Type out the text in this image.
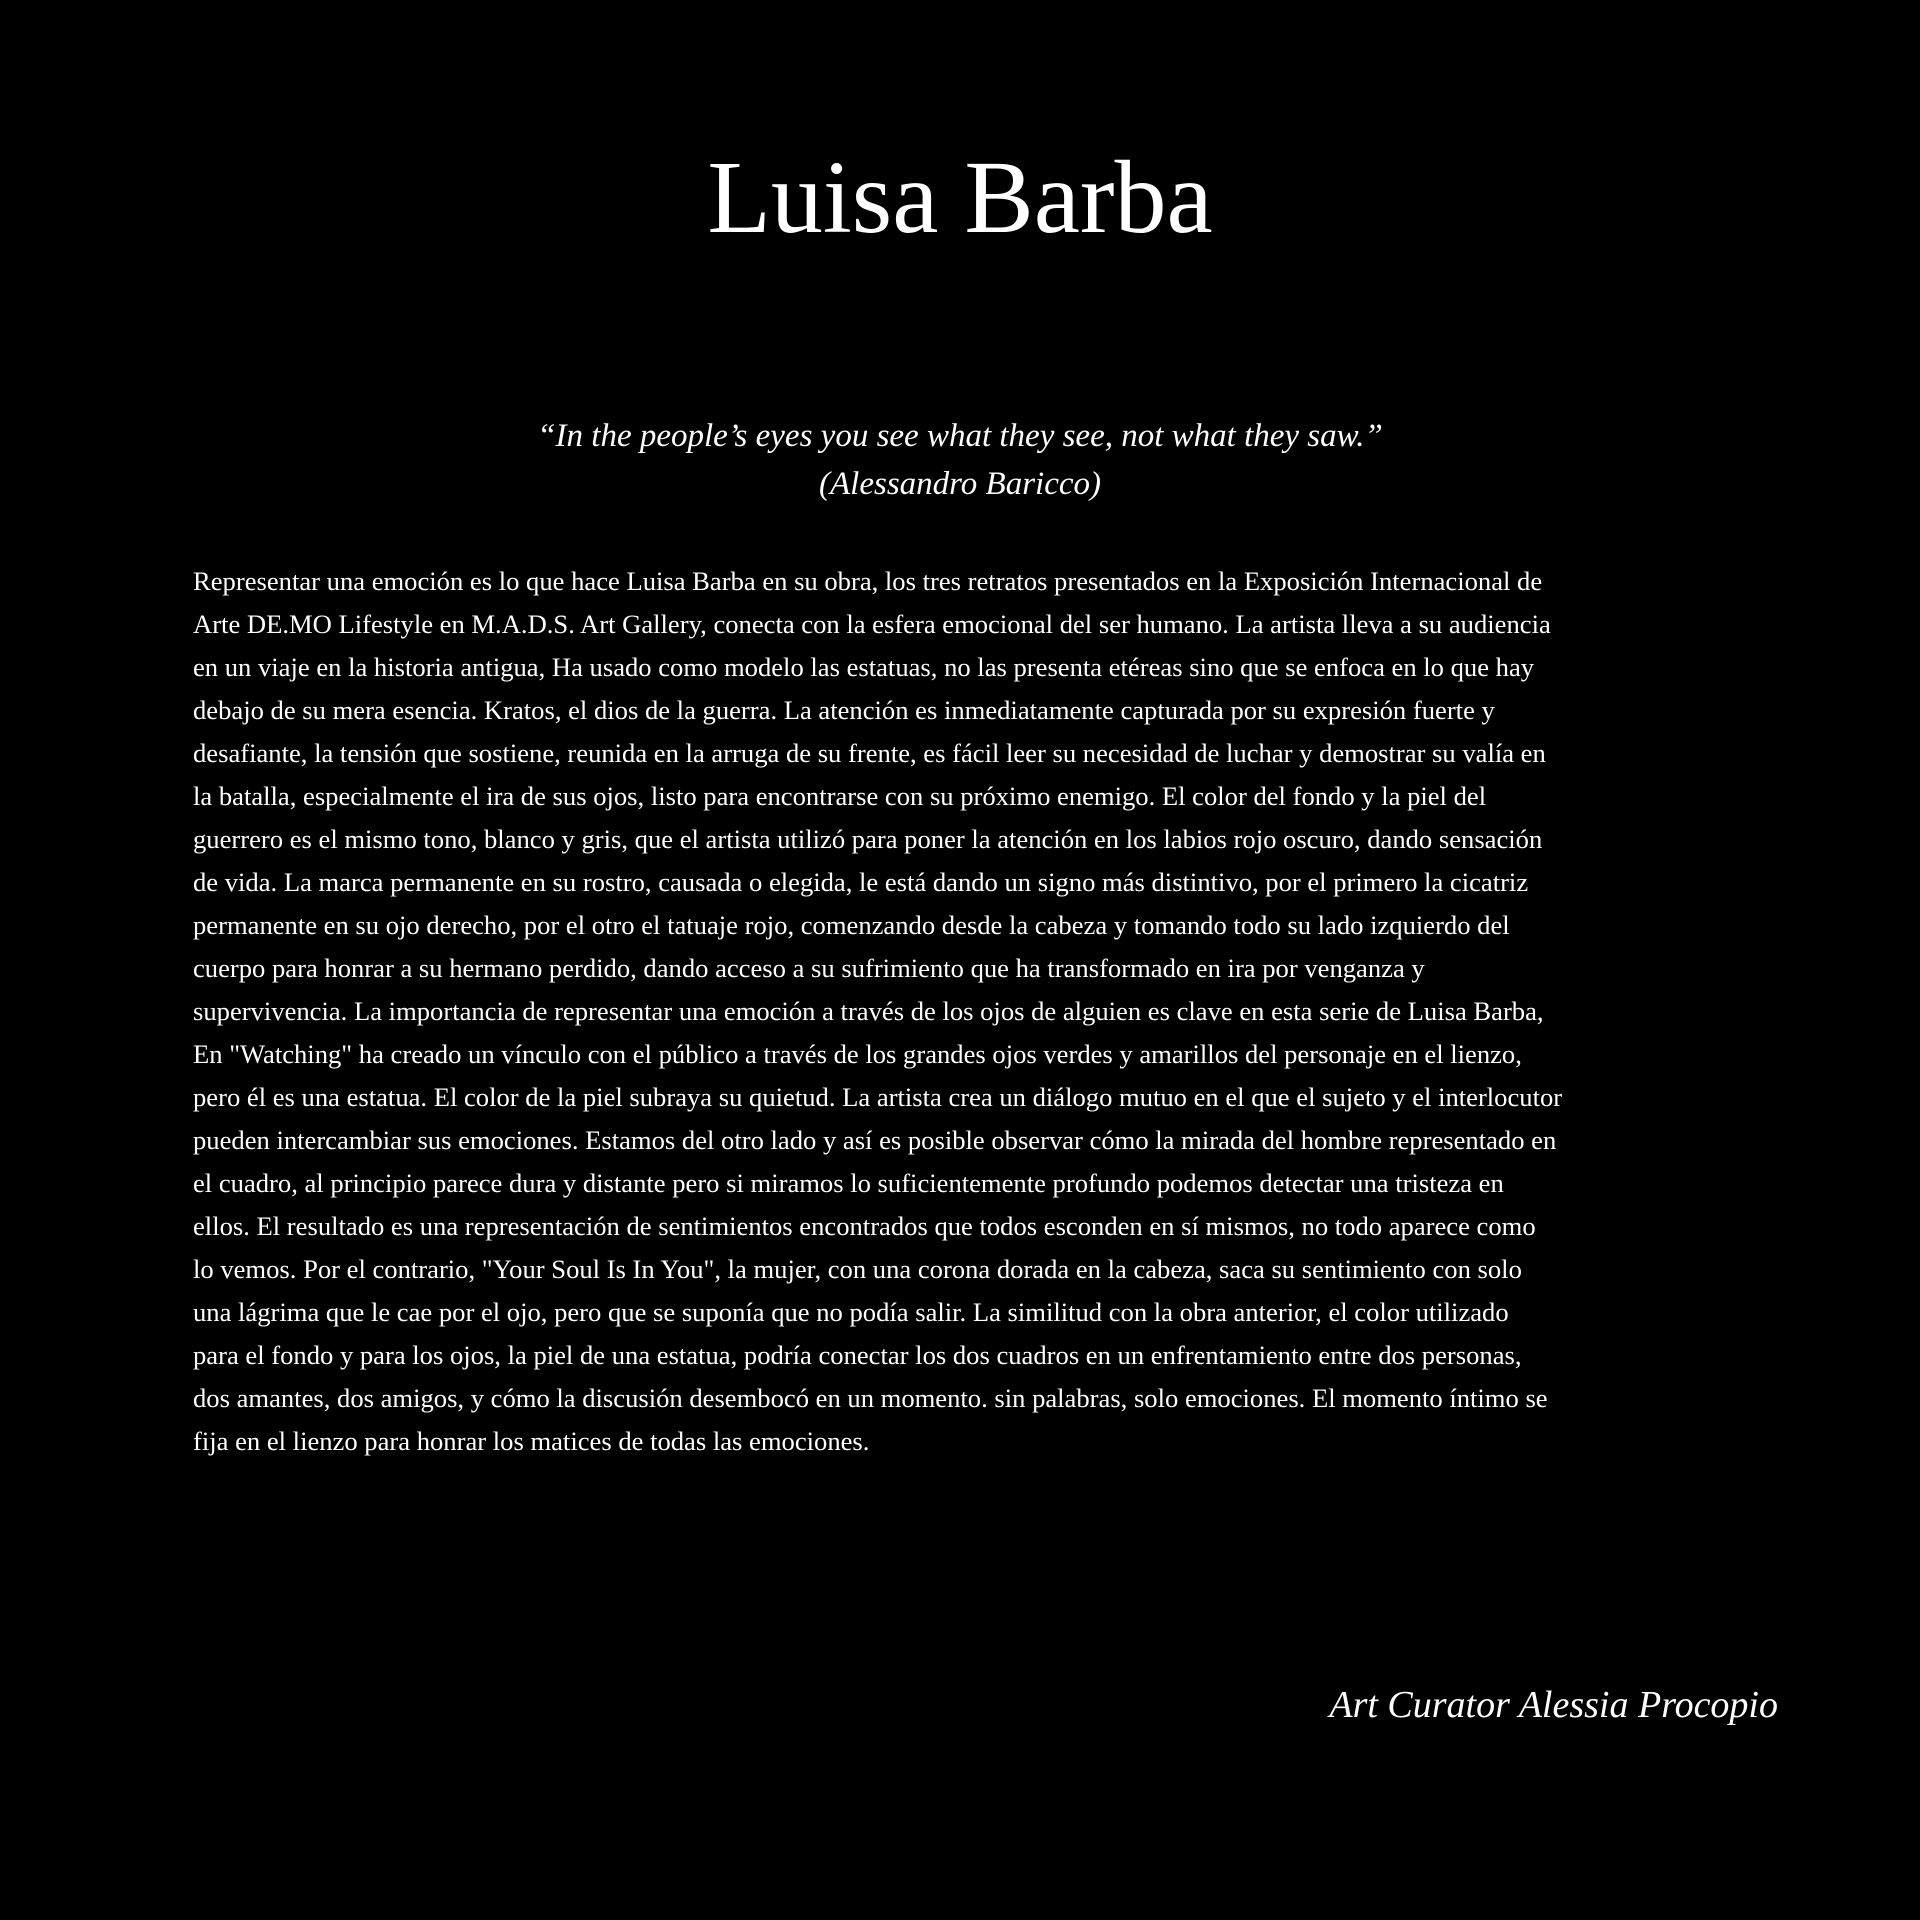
Luisa Barba
“In the people’s eyes you see what they see, not what they saw.”
(Alessandro Baricco)

Representar una emoción es lo que hace Luisa Barba en su obra, los tres retratos presentados en la Exposición Internacional de
Arte DE.MO Lifestyle en M.A.D.S. Art Gallery, conecta con la esfera emocional del ser humano. La artista lleva a su audiencia
en un viaje en la historia antigua, Ha usado como modelo las estatuas, no las presenta etéreas sino que se enfoca en lo que hay
debajo de su mera esencia. Kratos, el dios de la guerra. La atención es inmediatamente capturada por su expresión fuerte y
desafiante, la tensión que sostiene, reunida en la arruga de su frente, es fácil leer su necesidad de luchar y demostrar su valía en
la batalla, especialmente el ira de sus ojos, listo para encontrarse con su próximo enemigo. El color del fondo y la piel del
guerrero es el mismo tono, blanco y gris, que el artista utilizó para poner la atención en los labios rojo oscuro, dando sensación
de vida. La marca permanente en su rostro, causada o elegida, le está dando un signo más distintivo, por el primero la cicatriz
permanente en su ojo derecho, por el otro el tatuaje rojo, comenzando desde la cabeza y tomando todo su lado izquierdo del
cuerpo para honrar a su hermano perdido, dando acceso a su sufrimiento que ha transformado en ira por venganza y
supervivencia. La importancia de representar una emoción a través de los ojos de alguien es clave en esta serie de Luisa Barba,
En "Watching" ha creado un vínculo con el público a través de los grandes ojos verdes y amarillos del personaje en el lienzo,
pero él es una estatua. El color de la piel subraya su quietud. La artista crea un diálogo mutuo en el que el sujeto y el interlocutor
pueden intercambiar sus emociones. Estamos del otro lado y así es posible observar cómo la mirada del hombre representado en
el cuadro, al principio parece dura y distante pero si miramos lo suficientemente profundo podemos detectar una tristeza en
ellos. El resultado es una representación de sentimientos encontrados que todos esconden en sí mismos, no todo aparece como
lo vemos. Por el contrario, "Your Soul Is In You", la mujer, con una corona dorada en la cabeza, saca su sentimiento con solo
una lágrima que le cae por el ojo, pero que se suponía que no podía salir. La similitud con la obra anterior, el color utilizado
para el fondo y para los ojos, la piel de una estatua, podría conectar los dos cuadros en un enfrentamiento entre dos personas,
dos amantes, dos amigos, y cómo la discusión desembocó en un momento. sin palabras, solo emociones. El momento íntimo se
fija en el lienzo para honrar los matices de todas las emociones.

Art Curator Alessia Procopio
